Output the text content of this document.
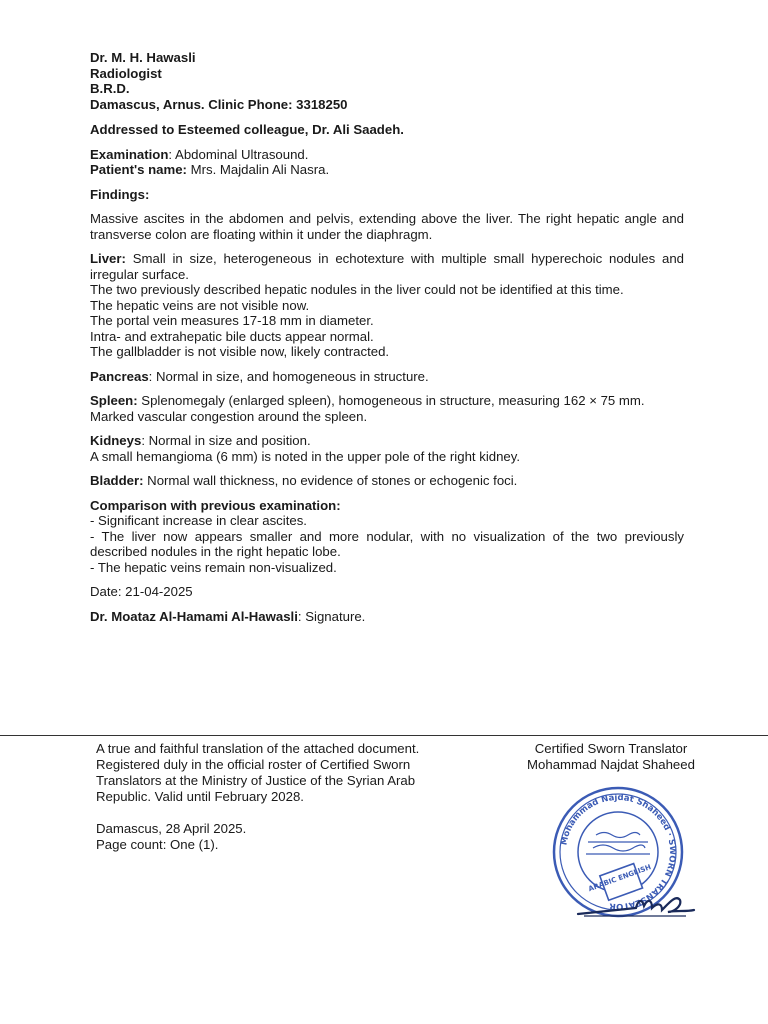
Dr. M. H. Hawasli
Radiologist
B.R.D.
Damascus, Arnus. Clinic Phone: 3318250
Addressed to Esteemed colleague, Dr. Ali Saadeh.
Examination: Abdominal Ultrasound.
Patient's name: Mrs. Majdalin Ali Nasra.
Findings:
Massive ascites in the abdomen and pelvis, extending above the liver. The right hepatic angle and transverse colon are floating within it under the diaphragm.
Liver: Small in size, heterogeneous in echotexture with multiple small hyperechoic nodules and irregular surface.
The two previously described hepatic nodules in the liver could not be identified at this time.
The hepatic veins are not visible now.
The portal vein measures 17-18 mm in diameter.
Intra- and extrahepatic bile ducts appear normal.
The gallbladder is not visible now, likely contracted.
Pancreas: Normal in size, and homogeneous in structure.
Spleen: Splenomegaly (enlarged spleen), homogeneous in structure, measuring 162 × 75 mm.
Marked vascular congestion around the spleen.
Kidneys: Normal in size and position.
A small hemangioma (6 mm) is noted in the upper pole of the right kidney.
Bladder: Normal wall thickness, no evidence of stones or echogenic foci.
Comparison with previous examination:
- Significant increase in clear ascites.
- The liver now appears smaller and more nodular, with no visualization of the two previously described nodules in the right hepatic lobe.
- The hepatic veins remain non-visualized.
Date: 21-04-2025
Dr. Moataz Al-Hamami Al-Hawasli: Signature.
A true and faithful translation of the attached document.
Registered duly in the official roster of Certified Sworn
Translators at the Ministry of Justice of the Syrian Arab
Republic. Valid until February 2028.
Damascus, 28 April 2025.
Page count: One (1).
Certified Sworn Translator
Mohammad Najdat Shaheed
Mohammad Najdat Shaheed · SWORN TRANSLATOR
ARABIC ENGLISH
